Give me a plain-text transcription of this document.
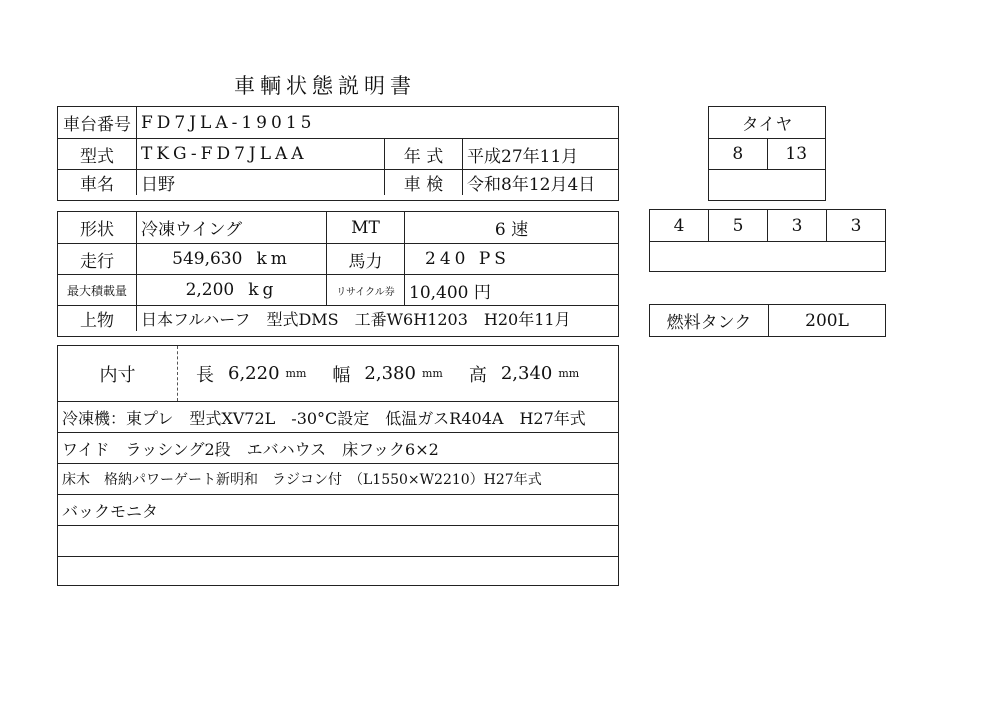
車輌状態説明書
車台番号 FD7JLA-19015
型式	TKG-FD7JLAA	年 式	平成27年11月
車名	日野	車 検	令和8年12月4日
形状	冷凍ウイング	MT	6 速
走行	549,630 km	馬力	240 PS
最大積載量	2,200 kg	リサイクル券 10,400 円
上物	日本フルハーフ　型式DMS　工番W6H1203　H20年11月
内寸	長 6,220 mm 幅 2,380 mm 高 2,340 mm
冷凍機：東プレ　型式XV72L　-30°C設定　低温ガスR404A　H27年式
ワイド　ラッシング2段　エバハウス　床フック6×2
床木　格納パワーゲート新明和　ラジコン付　（L1550×W2210）H27年式
バックモニタ
タイヤ
8	13
4	5	3	3
燃料タンク	200L
